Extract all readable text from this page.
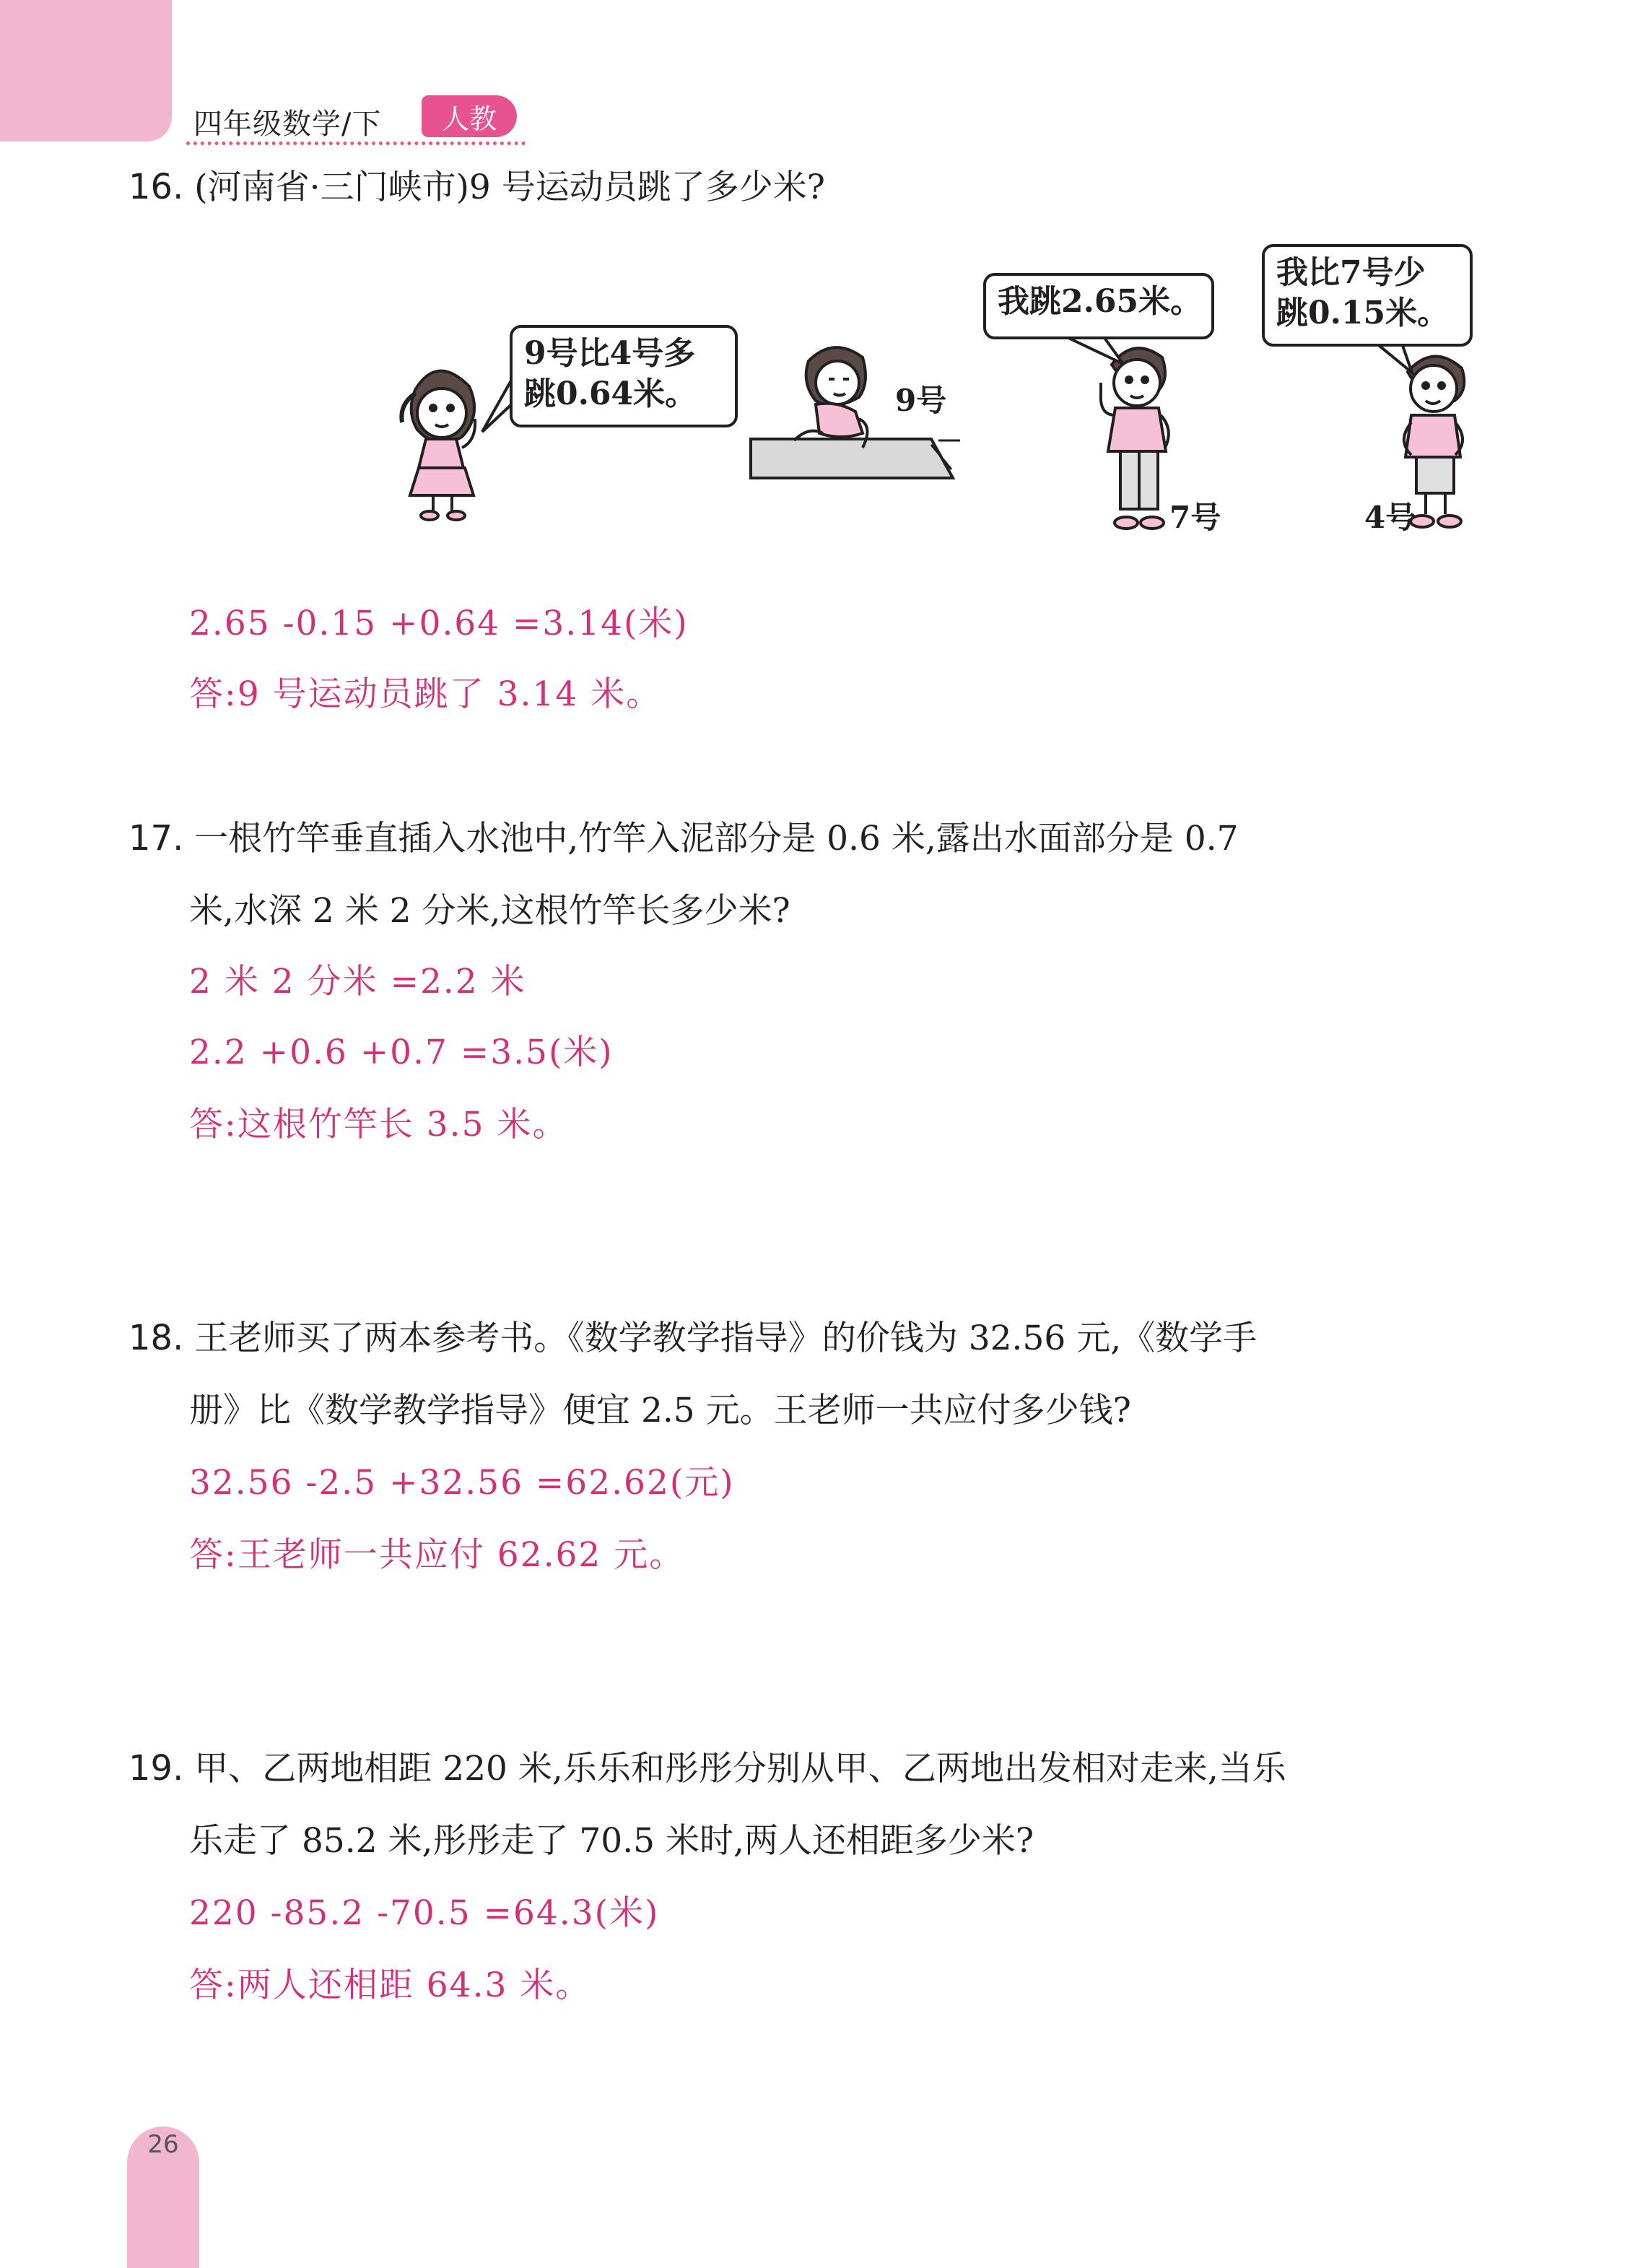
四年级数学/下	人教
16. (河南省·三门峡市)9 号运动员跳了多少米?
9号比4号多
跳0.64米。	9号
我跳2.65米。
7号
我比7号少
跳0.15米。
4号
2.65 -0.15 +0.64 =3.14(米)
答:9 号运动员跳了 3.14 米。
17. 一根竹竿垂直插入水池中,竹竿入泥部分是 0.6 米,露出水面部分是 0.7
米,水深 2 米 2 分米,这根竹竿长多少米?
2 米 2 分米 =2.2 米
2.2 +0.6 +0.7 =3.5(米)
答:这根竹竿长 3.5 米。
18. 王老师买了两本参考书。《数学教学指导》的价钱为 32.56 元,《数学手
册》比《数学教学指导》便宜 2.5 元。王老师一共应付多少钱?
32.56 -2.5 +32.56 =62.62(元)
答:王老师一共应付 62.62 元。
19. 甲、乙两地相距 220 米,乐乐和彤彤分别从甲、乙两地出发相对走来,当乐
乐走了 85.2 米,彤彤走了 70.5 米时,两人还相距多少米?
220 -85.2 -70.5 =64.3(米)
答:两人还相距 64.3 米。
26
